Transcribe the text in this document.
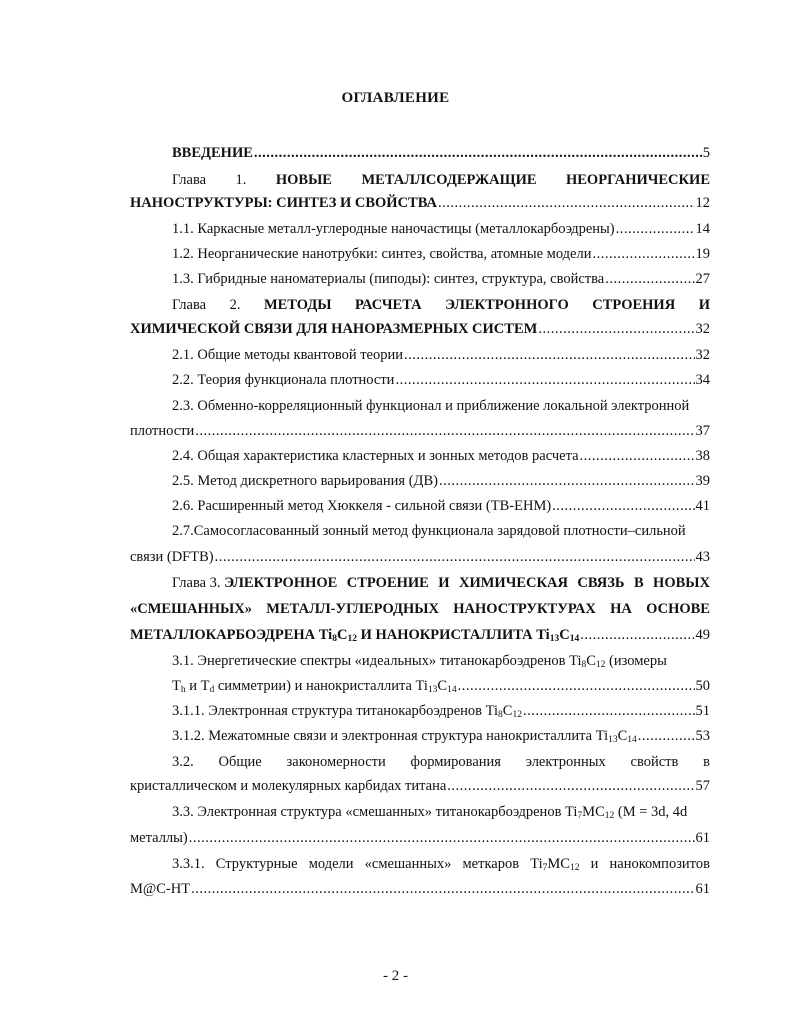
ОГЛАВЛЕНИЕ
ВВЕДЕНИЕ .....	5
Глава 1. НОВЫЕ МЕТАЛЛСОДЕРЖАЩИЕ НЕОРГАНИЧЕСКИЕ
НАНОСТРУКТУРЫ: СИНТЕЗ И СВОЙСТВА .....	12
1.1. Каркасные металл-углеродные наночастицы (металлокарбоэдрены) .....	14
1.2. Неорганические нанотрубки: синтез, свойства, атомные модели .....	19
1.3. Гибридные наноматериалы (пиподы): синтез, структура, свойства .....	27
Глава 2. МЕТОДЫ РАСЧЕТА ЭЛЕКТРОННОГО СТРОЕНИЯ И
ХИМИЧЕСКОЙ СВЯЗИ ДЛЯ НАНОРАЗМЕРНЫХ СИСТЕМ .....	32
2.1. Общие методы квантовой теории .....	32
2.2. Теория функционала плотности .....	34
2.3. Обменно-корреляционный функционал и приближение локальной электронной
плотности .....	37
2.4. Общая характеристика кластерных и зонных методов расчета .....	38
2.5. Метод дискретного варьирования (ДВ) .....	39
2.6. Расширенный метод Хюккеля - сильной связи (TB-EHM) .....	41
2.7.Самосогласованный зонный метод функционала зарядовой плотности–сильной
связи (DFTB) .....	43
Глава 3. ЭЛЕКТРОННОЕ СТРОЕНИЕ И ХИМИЧЕСКАЯ СВЯЗЬ В НОВЫХ
«СМЕШАННЫХ» МЕТАЛЛ-УГЛЕРОДНЫХ НАНОСТРУКТУРАХ НА ОСНОВЕ
МЕТАЛЛОКАРБОЭДРЕНА $Ti_8C_{12}$ И НАНОКРИСТАЛЛИТА $Ti_{13}C_{14}$ .....	49
3.1. Энергетические спектры «идеальных» титанокарбоэдренов $Ti_8C_{12}$ (изомеры
$T_h$ и $T_d$ симметрии) и нанокристаллита $Ti_{13}C_{14}$ .....	50
3.1.1. Электронная структура титанокарбоэдренов $Ti_8C_{12}$ .....	51
3.1.2. Межатомные связи и электронная структура нанокристаллита $Ti_{13}C_{14}$ .....	53
3.2. Общие закономерности формирования электронных свойств в
кристаллическом и молекулярных карбидах титана .....	57
3.3. Электронная структура «смешанных» титанокарбоэдренов $Ti_7MC_{12}$ (M = 3d, 4d
металлы) .....	61
3.3.1. Структурные модели «смешанных» меткаров $Ti_7MC_{12}$ и нанокомпозитов
M@C-HT .....	61
- 2 -
